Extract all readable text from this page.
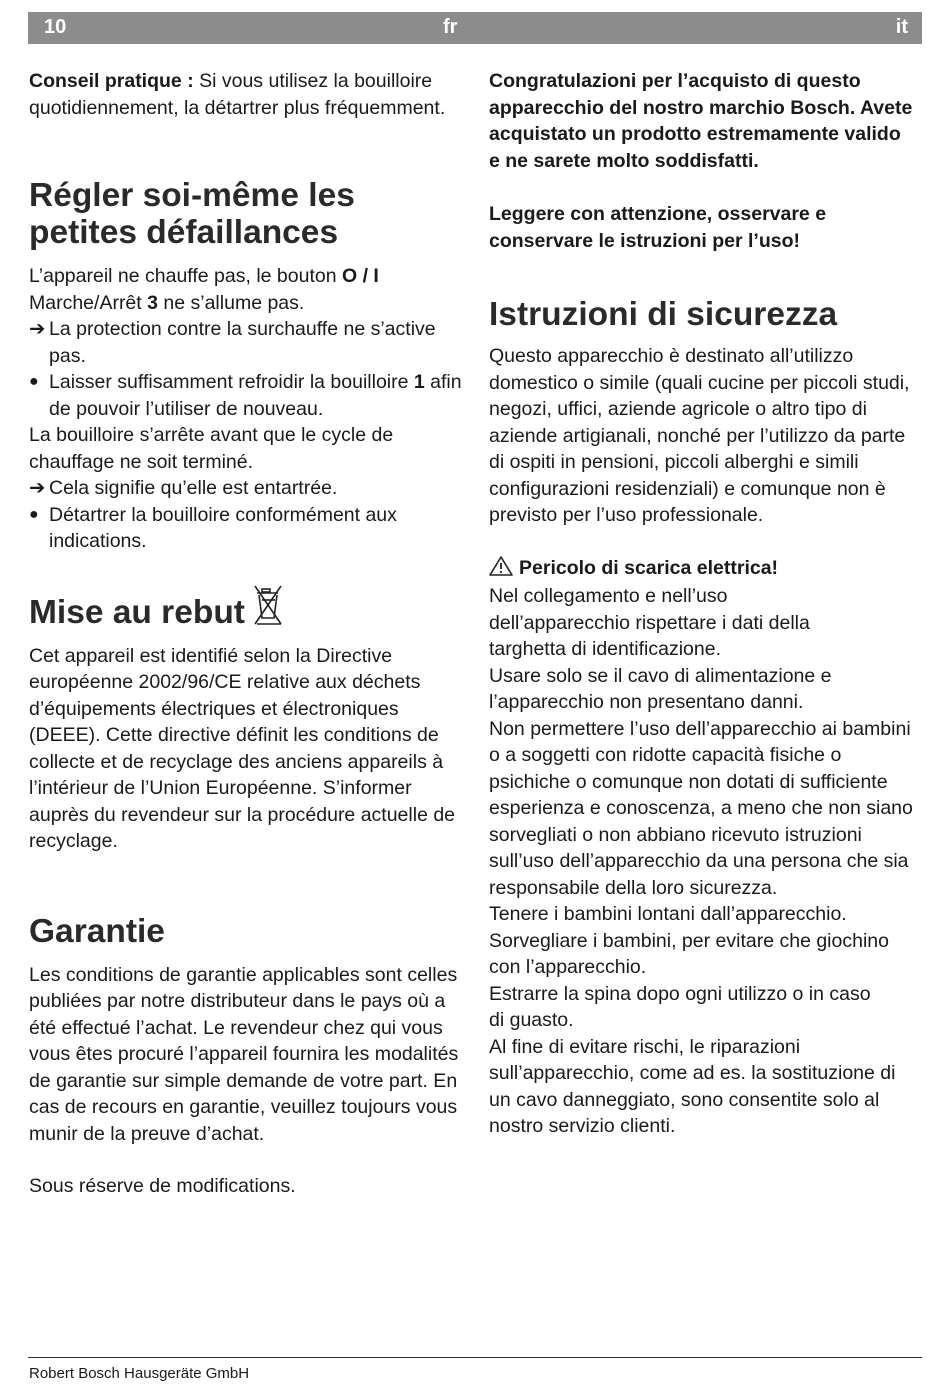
10	fr	it

Conseil pratique : Si vous utilisez la bouilloire quotidiennement, la détartrer plus fréquemment.

Régler soi-même les petites défaillances

L’appareil ne chauffe pas, le bouton O / I Marche/Arrêt 3 ne s’allume pas.

➔ La protection contre la surchauffe ne s’active pas.

● Laisser suffisamment refroidir la bouilloire 1 afin de pouvoir l’utiliser de nouveau.

La bouilloire s’arrête avant que le cycle de chauffage ne soit terminé.

➔ Cela signifie qu’elle est entartrée.

● Détartrer la bouilloire conformément aux indications.

Mise au rebut

Cet appareil est identifié selon la Directive européenne 2002/96/CE relative aux déchets d’équipements électriques et électroniques (DEEE). Cette directive définit les conditions de collecte et de recyclage des anciens appareils à l’intérieur de l’Union Européenne. S’informer auprès du revendeur sur la procédure actuelle de recyclage.

Garantie

Les conditions de garantie applicables sont celles publiées par notre distributeur dans le pays où a été effectué l’achat. Le revendeur chez qui vous vous êtes procuré l’appareil fournira les modalités de garantie sur simple demande de votre part. En cas de recours en garantie, veuillez toujours vous munir de la preuve d’achat.

Sous réserve de modifications.

Congratulazioni per l’acquisto di questo apparecchio del nostro marchio Bosch. Avete acquistato un prodotto estremamente valido e ne sarete molto soddisfatti.

Leggere con attenzione, osservare e conservare le istruzioni per l’uso!

Istruzioni di sicurezza

Questo apparecchio è destinato all’utilizzo domestico o simile (quali cucine per piccoli studi, negozi, uffici, aziende agricole o altro tipo di aziende artigianali, nonché per l’utilizzo da parte di ospiti in pensioni, piccoli alberghi e simili configurazioni residenziali) e comunque non è previsto per l’uso professionale.

Pericolo di scarica elettrica!

Nel collegamento e nell’uso dell’apparecchio rispettare i dati della targhetta di identificazione.

Usare solo se il cavo di alimentazione e l’apparecchio non presentano danni.

Non permettere l’uso dell’apparecchio ai bambini o a soggetti con ridotte capacità fisiche o psichiche o comunque non dotati di sufficiente esperienza e conoscenza, a meno che non siano sorvegliati o non abbiano ricevuto istruzioni sull’uso dell’apparecchio da una persona che sia responsabile della loro sicurezza.

Tenere i bambini lontani dall’apparecchio.

Sorvegliare i bambini, per evitare che giochino con l’apparecchio.

Estrarre la spina dopo ogni utilizzo o in caso di guasto.

Al fine di evitare rischi, le riparazioni sull’apparecchio, come ad es. la sostituzione di un cavo danneggiato, sono consentite solo al nostro servizio clienti.

Robert Bosch Hausgeräte GmbH
